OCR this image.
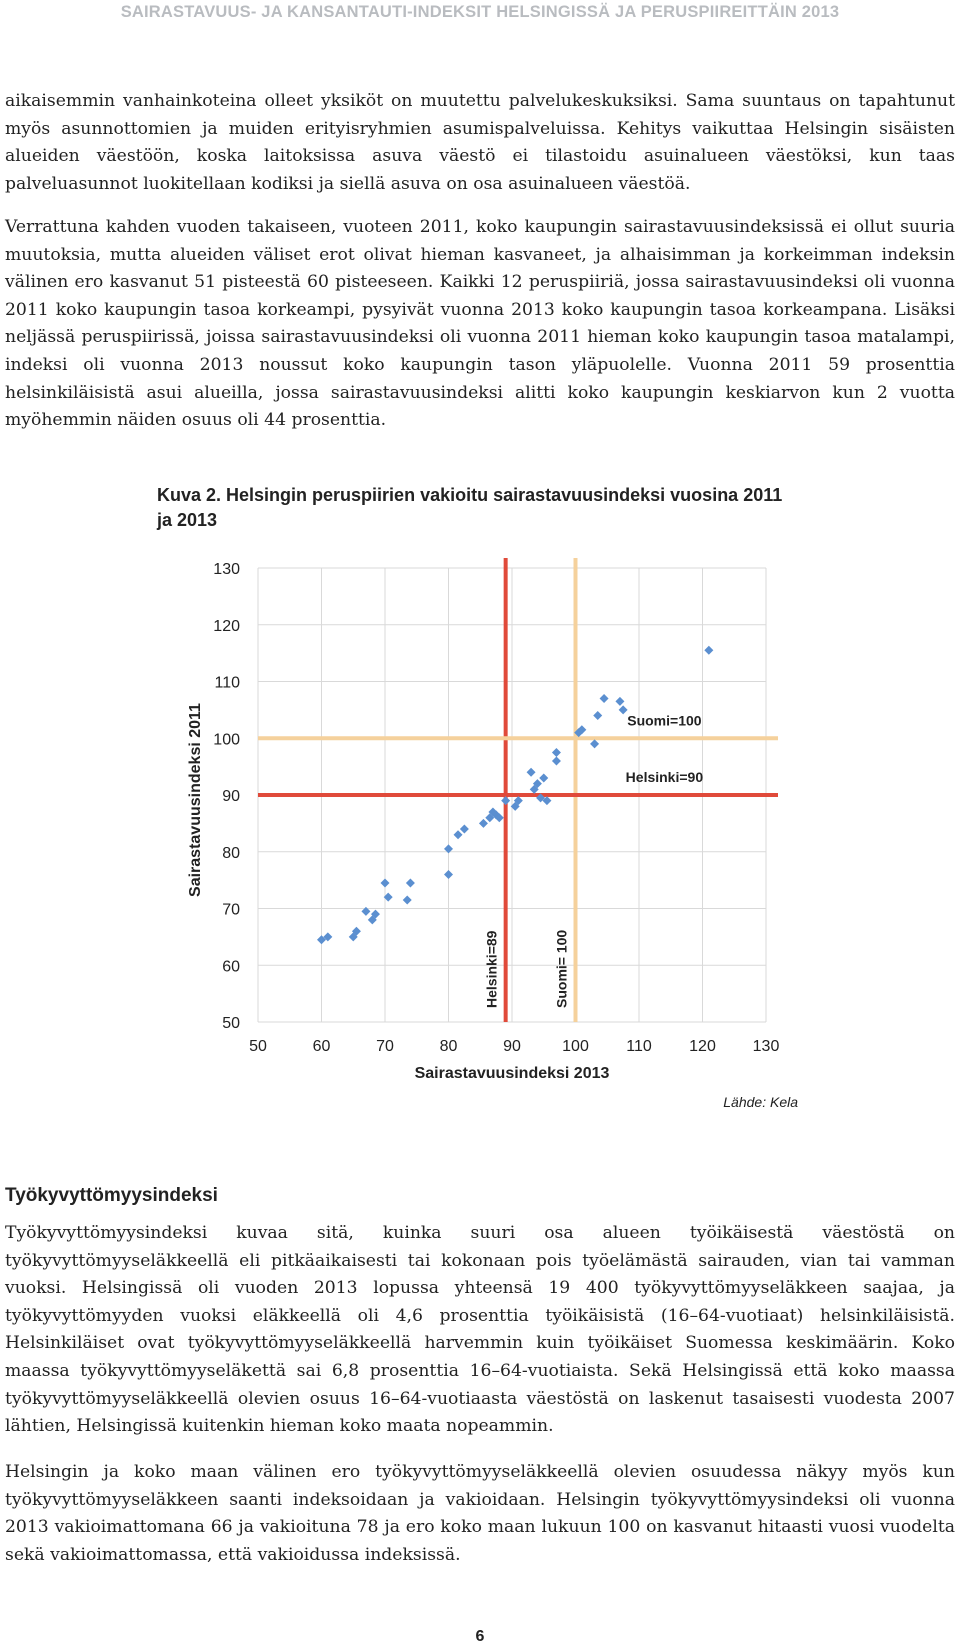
SAIRASTAVUUS- JA KANSANTAUTI-INDEKSIT HELSINGISSÄ JA PERUSPIIREITTÄIN 2013

aikaisemmin vanhainkoteina olleet yksiköt on muutettu palvelukeskuksiksi. Sama suuntaus on tapahtunut myös asunnottomien ja muiden erityisryhmien asumispalveluissa. Kehitys vaikuttaa Helsingin sisäisten alueiden väestöön, koska laitoksissa asuva väestö ei tilastoidu asuinalueen väestöksi, kun taas palveluasunnot luokitellaan kodiksi ja siellä asuva on osa asuinalueen väestöä.

Verrattuna kahden vuoden takaiseen, vuoteen 2011, koko kaupungin sairastavuusindeksissä ei ollut suuria muutoksia, mutta alueiden väliset erot olivat hieman kasvaneet, ja alhaisimman ja korkeimman indeksin välinen ero kasvanut 51 pisteestä 60 pisteeseen. Kaikki 12 peruspiiriä, jossa sairastavuusindeksi oli vuonna 2011 koko kaupungin tasoa korkeampi, pysyivät vuonna 2013 koko kaupungin tasoa korkeampana. Lisäksi neljässä peruspiirissä, joissa sairastavuusindeksi oli vuonna 2011 hieman koko kaupungin tasoa matalampi, indeksi oli vuonna 2013 noussut koko kaupungin tason yläpuolelle. Vuonna 2011 59 prosenttia helsinkiläisistä asui alueilla, jossa sairastavuusindeksi alitti koko kaupungin keskiarvon kun 2 vuotta myöhemmin näiden osuus oli 44 prosenttia.

Kuva 2. Helsingin peruspiirien vakioitu sairastavuusindeksi vuosina 2011 ja 2013
50	60	70	80	90	100 110 120 130
50
60
70
80
90
100
110
120
130
Sairastavuusindeksi 2013
Sairastavuusindeksi 2011
Helsinki=89	Suomi= 100
Helsinki=90
Suomi=100
Lähde: Kela
Työkyvyttömyysindeksi

Työkyvyttömyysindeksi kuvaa sitä, kuinka suuri osa alueen työikäisestä väestöstä on työkyvyttömyyseläkkeellä eli pitkäaikaisesti tai kokonaan pois työelämästä sairauden, vian tai vamman vuoksi. Helsingissä oli vuoden 2013 lopussa yhteensä 19 400 työkyvyttömyyseläkkeen saajaa, ja työkyvyttömyyden vuoksi eläkkeellä oli 4,6 prosenttia työikäisistä (16–64-vuotiaat) helsinkiläisistä. Helsinkiläiset ovat työkyvyttömyyseläkkeellä harvemmin kuin työikäiset Suomessa keskimäärin. Koko maassa työkyvyttömyyseläkettä sai 6,8 prosenttia 16–64-vuotiaista. Sekä Helsingissä että koko maassa työkyvyttömyyseläkkeellä olevien osuus 16–64-vuotiaasta väestöstä on laskenut tasaisesti vuodesta 2007 lähtien, Helsingissä kuitenkin hieman koko maata nopeammin.

Helsingin ja koko maan välinen ero työkyvyttömyyseläkkeellä olevien osuudessa näkyy myös kun työkyvyttömyyseläkkeen saanti indeksoidaan ja vakioidaan. Helsingin työkyvyttömyysindeksi oli vuonna 2013 vakioimattomana 66 ja vakioituna 78 ja ero koko maan lukuun 100 on kasvanut hitaasti vuosi vuodelta sekä vakioimattomassa, että vakioidussa indeksissä.

6
